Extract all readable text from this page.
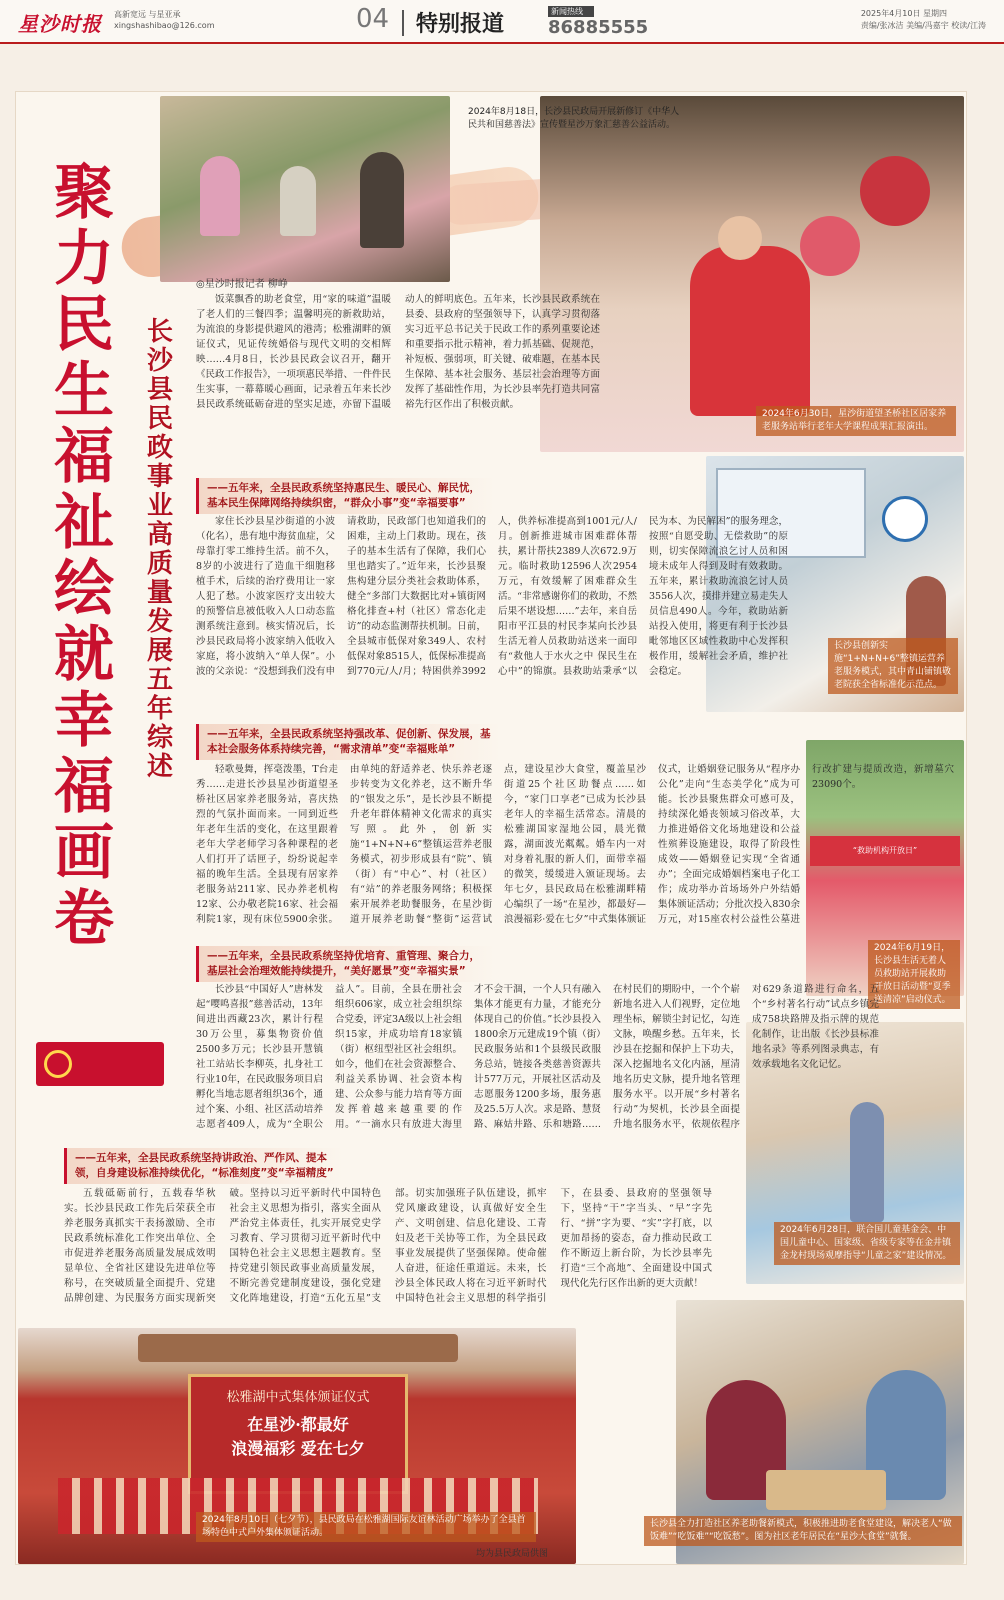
星沙时报 高新宽远 与星亚承 xingshashibao@126.com	04 特别报道
新闻热线
86885555
2025年4月10日 星期四
责编/张冰洁 美编/冯嘉宇 校读/江涛
2024年8月18日，长沙县民政局开展新修订《中华人民共和国慈善法》宣传暨星沙万象汇慈善公益活动。
2024年6月30日，星沙街道望圣桥社区居家养老服务站举行老年大学课程成果汇报演出。
聚力民生福祉 绘就幸福画卷
长沙县民政事业高质量发展五年综述
◎星沙时报记者 柳峥

饭菜飘香的助老食堂，用“家的味道”温暖了老人们的三餐四季；温馨明亮的新救助站，为流浪的身影提供避风的港湾；松雅湖畔的颁证仪式，见证传统婚俗与现代文明的交相辉映……4月8日，长沙县民政会议召开，翻开《民政工作报告》，一项项惠民举措、一件件民生实事，一幕幕暖心画面，记录着五年来长沙县民政系统砥砺奋进的坚实足迹，亦留下温暖动人的鲜明底色。五年来，长沙县民政系统在县委、县政府的坚强领导下，认真学习贯彻落实习近平总书记关于民政工作的系列重要论述和重要指示批示精神，着力抓基础、促规范，补短板、强弱项，盯关键、破难题，在基本民生保障、基本社会服务、基层社会治理等方面发挥了基础性作用，为长沙县率先打造共同富裕先行区作出了积极贡献。

长沙县创新实施“1+N+N+6”整镇运营养老服务模式，其中青山铺镇敬老院获全省标准化示范点。
“救助机构开放日”
2024年6月19日，长沙县生活无着人员救助站开展救助开放日活动暨“夏季送清凉”启动仪式。
2024年6月28日，联合国儿童基金会、中国儿童中心、国家级、省级专家等在金井镇金龙村现场观摩指导“儿童之家”建设情况。
——五年来，全县民政系统坚持惠民生、暖民心、解民忧，基本民生保障网络持续织密，“群众小事”变“幸福要事”

家住长沙县星沙街道的小波（化名），患有地中海贫血症，父母靠打零工维持生活。前不久，8岁的小波进行了造血干细胞移植手术，后续的治疗费用让一家人犯了愁。小波家医疗支出较大的预警信息被低收入人口动态监测系统注意到。核实情况后，长沙县民政局将小波家纳入低收入家庭，将小波纳入“单人保”。小波的父亲说：“没想到我们没有申请救助，民政部门也知道我们的困难，主动上门救助。现在，孩子的基本生活有了保障，我们心里也踏实了。”近年来，长沙县聚焦构建分层分类社会救助体系，健全“多部门大数据比对+镇街网格化排查+村（社区）常态化走访”的动态监测帮扶机制。日前，全县城市低保对象349人、农村低保对象8515人，低保标准提高到770元/人/月；特困供养3992人，供养标准提高到1001元/人/月。创新推进城市困难群体帮扶，累计帮扶2389人次672.9万元。临时救助12596人次2954万元，有效缓解了困难群众生活。“非常感谢你们的救助，不然后果不堪设想……”去年，来自岳阳市平江县的村民李某向长沙县生活无着人员救助站送来一面印有“救他人于水火之中 保民生在心中”的锦旗。县救助站秉承“以民为本、为民解困”的服务理念，按照“自愿受助、无偿救助”的原则，切实保障流浪乞讨人员和困境未成年人得到及时有效救助。五年来，累计救助流浪乞讨人员3556人次，摸排并建立易走失人员信息490人。今年，救助站新站投入使用，将更有利于长沙县毗邻地区区域性救助中心发挥积极作用，缓解社会矛盾，维护社会稳定。

——五年来，全县民政系统坚持强改革、促创新、保发展，基本社会服务体系持续完善，“需求清单”变“幸福账单”

轻歌曼舞，挥毫泼墨，T台走秀……走进长沙县星沙街道望圣桥社区居家养老服务站，喜庆热烈的气氛扑面而来。一同到近些年老年生活的变化，在这里跟着老年大学老师学习各种课程的老人们打开了话匣子，纷纷说起幸福的晚年生活。全县现有居家养老服务站211家、民办养老机构12家、公办敬老院16家、社会福利院1家，现有床位5900余张。由单纯的舒适养老、快乐养老逐步转变为文化养老，这不断升华的“银发之乐”，是长沙县不断提升老年群体精神文化需求的真实写照。此外，创新实施“1+N+N+6”整镇运营养老服务模式，初步形成县有“院”、镇（街）有“中心”、村（社区）有“站”的养老服务网络；积极探索开展养老助餐服务，在星沙街道开展养老助餐“整街”运营试点，建设星沙大食堂，覆盖星沙街道25个社区助餐点……如今，“家门口享老”已成为长沙县老年人的幸福生活常态。清晨的松雅湖国家湿地公园，晨光微露，湖面波光粼粼。婚车内一对对身着礼服的新人们，面带幸福的微笑，缓缓进入颁证现场。去年七夕，县民政局在松雅湖畔精心编织了一场“在星沙，都最好—浪漫福彩·爱在七夕”中式集体颁证仪式，让婚姻登记服务从“程序办公化”走向“生态美学化”成为可能。长沙县聚焦群众可感可及，持续深化婚丧领域习俗改革，大力推进婚俗文化场地建设和公益性殡葬设施建设，取得了阶段性成效——婚姻登记实现“全省通办”；全面完成婚姻档案电子化工作；成功举办首场场外户外结婚集体颁证活动；分批次投入830余万元，对15座农村公益性公墓进行改扩建与提质改造，新增墓穴23090个。

——五年来，全县民政系统坚持优培育、重管理、聚合力，基层社会治理效能持续提升，“美好愿景”变“幸福实景”

长沙县“中国好人”唐林发起“嘤鸣喜报”慈善活动，13年间进出西藏23次，累计行程30万公里，募集物资价值2500多万元；长沙县开慧镇社工站站长李柳英，扎身社工行业10年，在民政服务项目启孵化当地志愿者组织36个，通过个案、小组、社区活动培养志愿者409人，成为“全职公益人”。目前，全县在册社会组织606家，成立社会组织综合党委，评定3A级以上社会组织15家，并成功培育18家镇（街）枢纽型社区社会组织。如今，他们在社会资源整合、利益关系协调、社会资本构建、公众参与能力培育等方面发挥着越来越重要的作用。“一滴水只有放进大海里才不会干涸，一个人只有融入集体才能更有力量，才能充分体现自己的价值。”长沙县投入1800余万元建成19个镇（街）民政服务站和1个县级民政服务总站，链接各类慈善资源共计577万元，开展社区活动及志愿服务1200多场，服务惠及25.5万人次。求是路、慧贤路、麻姑井路、乐和塘路……在村民们的期盼中，一个个崭新地名进入人们视野，定位地理坐标，解锁尘封记忆，勾连文脉，唤醒乡愁。五年来，长沙县在挖掘和保护上下功夫，深入挖掘地名文化内涵，厘清地名历史文脉，提升地名管理服务水平。以开展“乡村著名行动”为契机，长沙县全面提升地名服务水平，依规依程序对629条道路进行命名，五个“乡村著名行动”试点乡镇完成758块路牌及指示牌的规范化制作，让出版《长沙县标准地名录》等系列图录典志，有效承载地名文化记忆。

——五年来，全县民政系统坚持讲政治、严作风、提本领，自身建设标准持续优化，“标准刻度”变“幸福精度”

五载砥砺前行，五载春华秋实。长沙县民政工作先后荣获全市养老服务真抓实干表扬激励、全市民政系统标准化工作突出单位、全市促进养老服务高质量发展成效明显单位、全省社区建设先进单位等称号，在突破质量全面提升、党建品牌创建、为民服务方面实现新突破。坚持以习近平新时代中国特色社会主义思想为指引，落实全面从严治党主体责任，扎实开展党史学习教育、学习贯彻习近平新时代中国特色社会主义思想主题教育。坚持党建引领民政事业高质量发展，不断完善党建制度建设，强化党建文化阵地建设，打造“五化五星”支部。切实加强班子队伍建设，抓牢党风廉政建设，认真做好安全生产、文明创建、信息化建设、工青妇及老干关协等工作，为全县民政事业发展提供了坚强保障。使命催人奋进，征途任重道远。未来，长沙县全体民政人将在习近平新时代中国特色社会主义思想的科学指引下，在县委、县政府的坚强领导下，坚持“干”字当头、“早”字先行、“拼”字为要、“实”字打底，以更加昂扬的姿态，奋力推动民政工作不断迈上新台阶，为长沙县率先打造“三个高地”、全面建设中国式现代化先行区作出新的更大贡献！

松雅湖中式集体颁证仪式
在星沙·都最好
浪漫福彩 爱在七夕
2024年8月10日（七夕节），县民政局在松雅湖国际友谊林活动广场举办了全县首场特色中式户外集体颁证活动。
均为县民政局供图
长沙县全力打造社区养老助餐新模式，积极推进助老食堂建设，解决老人“做饭难”“吃饭难”“吃饭愁”。图为社区老年居民在“星沙大食堂”就餐。
